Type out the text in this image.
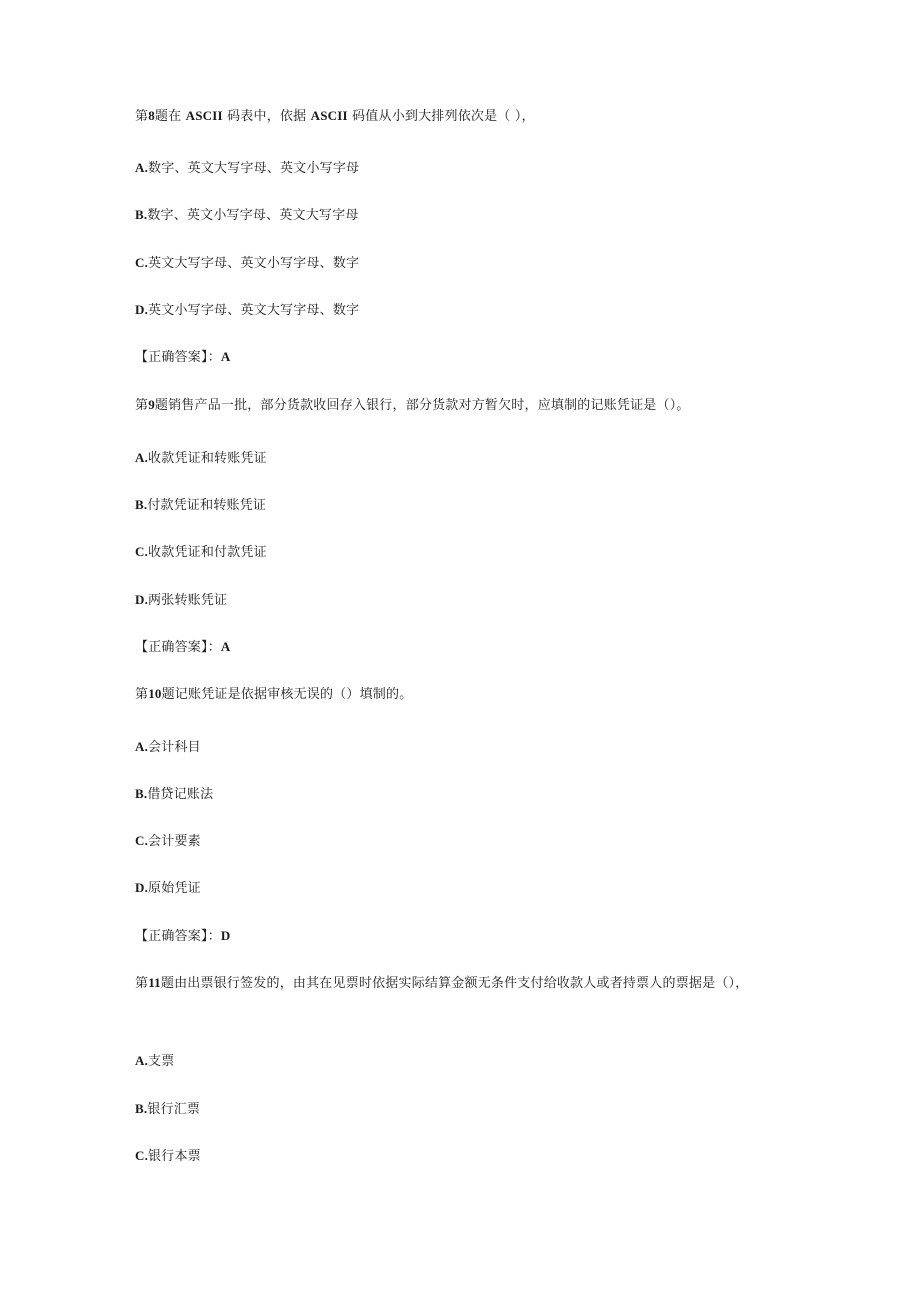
第8题在 ASCII 码表中，依据 ASCII 码值从小到大排列依次是（ ），
A.数字、英文大写字母、英文小写字母
B.数字、英文小写字母、英文大写字母
C.英文大写字母、英文小写字母、数字
D.英文小写字母、英文大写字母、数字
【正确答案】：A
第9题销售产品一批，部分货款收回存入银行，部分货款对方暂欠时，应填制的记账凭证是（）。
A.收款凭证和转账凭证
B.付款凭证和转账凭证
C.收款凭证和付款凭证
D.两张转账凭证
【正确答案】：A
第10题记账凭证是依据审核无误的（）填制的。
A.会计科目
B.借贷记账法
C.会计要素
D.原始凭证
【正确答案】：D
第11题由出票银行签发的，由其在见票时依据实际结算金额无条件支付给收款人或者持票人的票据是（），
A.支票
B.银行汇票
C.银行本票
